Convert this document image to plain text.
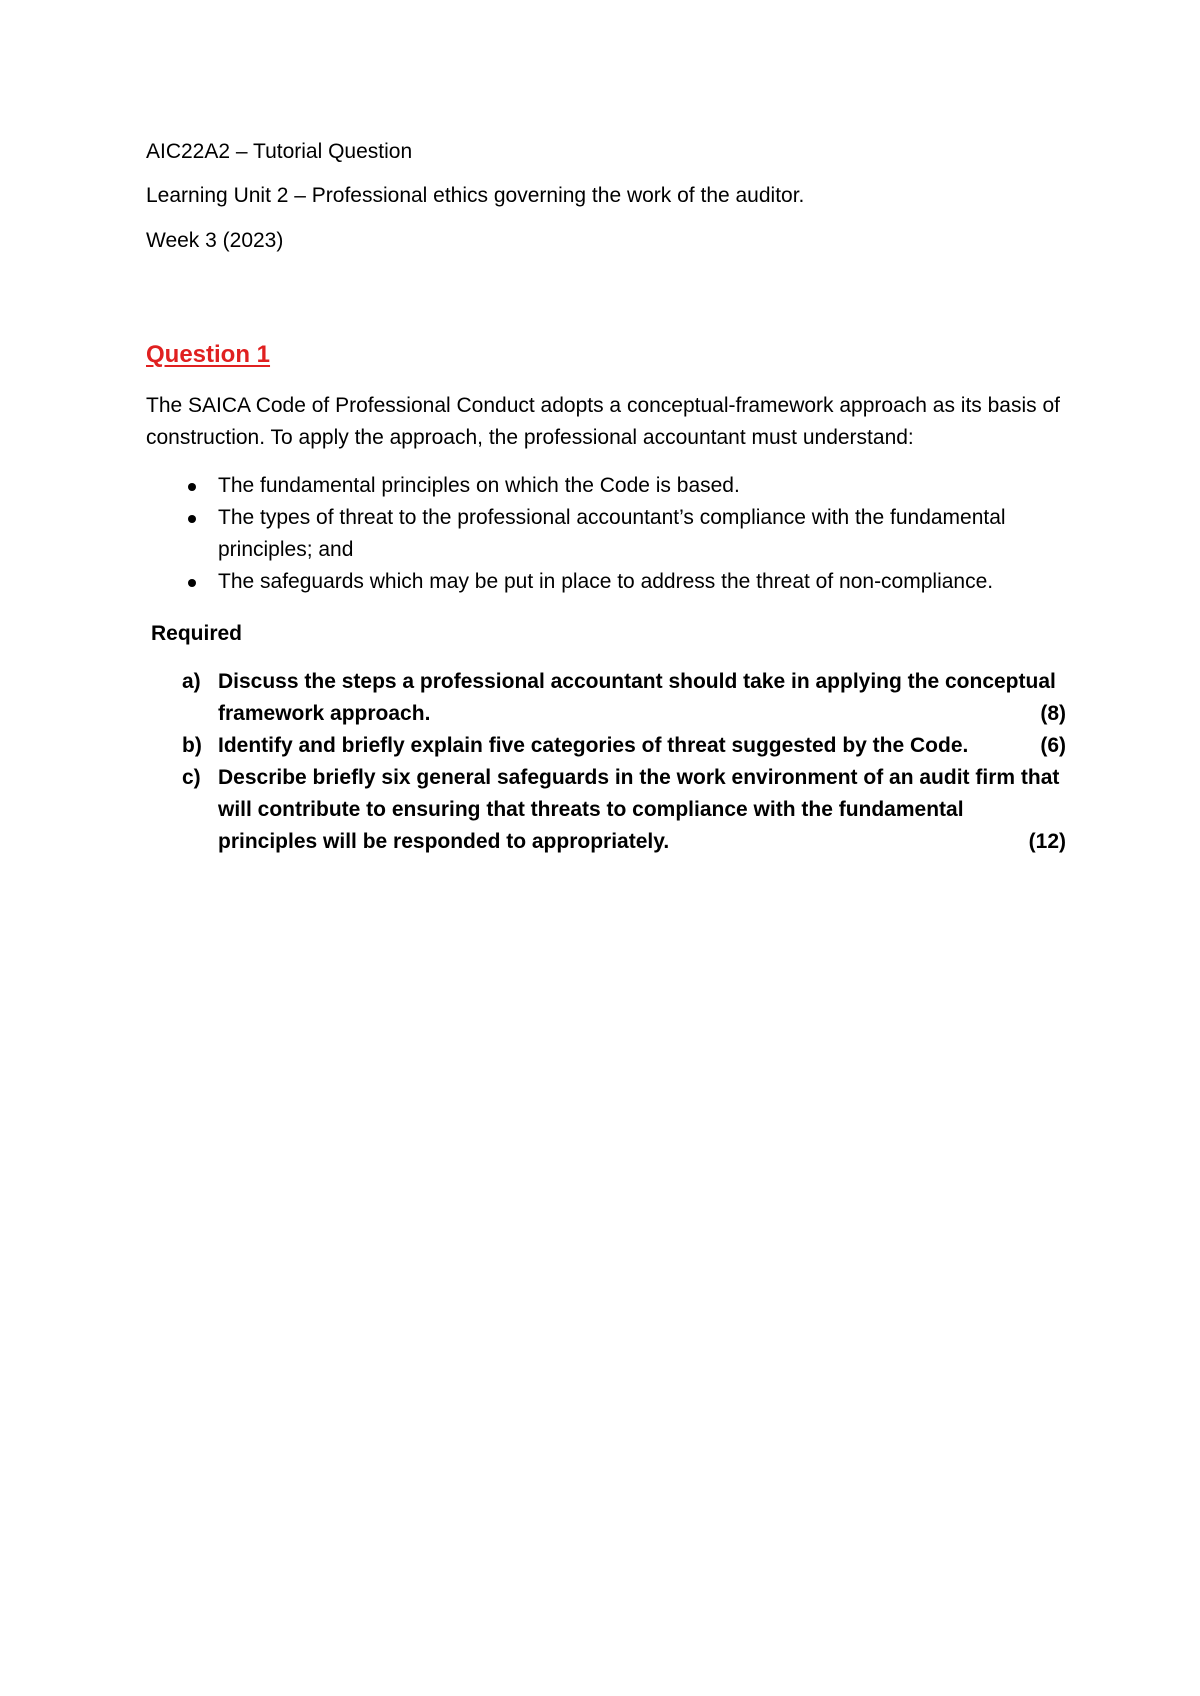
AIC22A2 – Tutorial Question
Learning Unit 2 – Professional ethics governing the work of the auditor.
Week 3 (2023)
Question 1
The SAICA Code of Professional Conduct adopts a conceptual-framework approach as its basis of construction. To apply the approach, the professional accountant must understand:
The fundamental principles on which the Code is based.
The types of threat to the professional accountant’s compliance with the fundamental principles; and
The safeguards which may be put in place to address the threat of non-compliance.
Required
a) Discuss the steps a professional accountant should take in applying the conceptual framework approach.	(8)
b) Identify and briefly explain five categories of threat suggested by the Code.	(6)
c) Describe briefly six general safeguards in the work environment of an audit firm that will contribute to ensuring that threats to compliance with the fundamental principles will be responded to appropriately.	(12)
